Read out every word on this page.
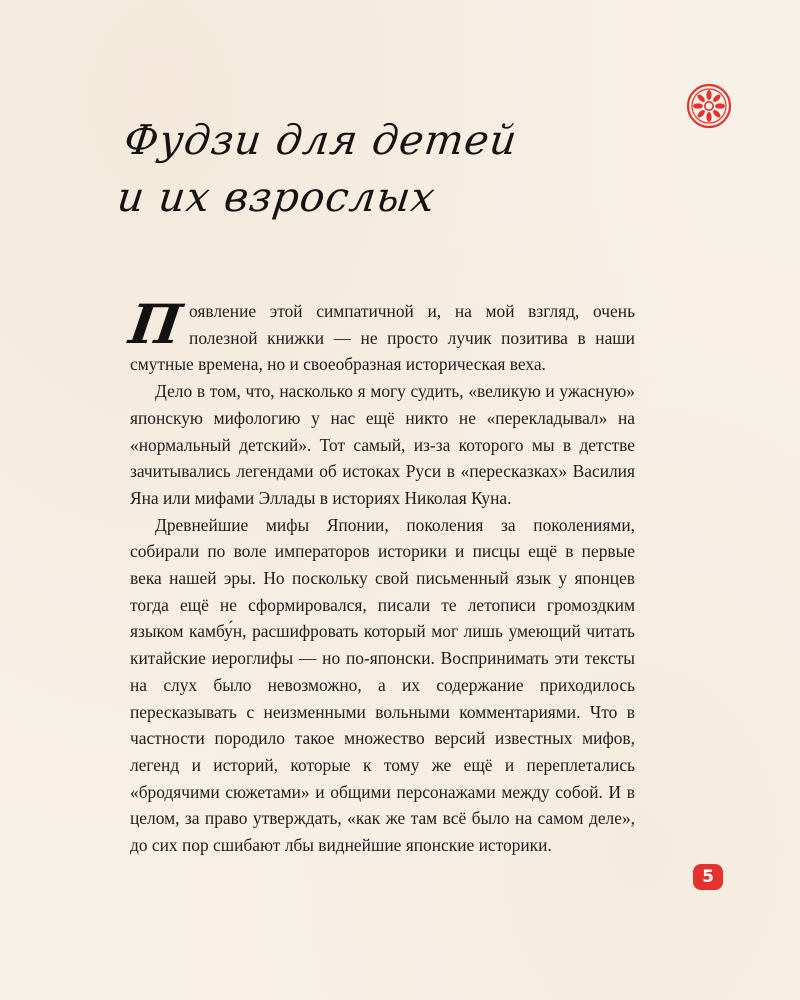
Фудзи для детей
и их взрослых

Появление этой симпатичной и, на мой взгляд, очень полезной книжки — не просто лучик позитива в наши смутные времена, но и своеобразная историческая веха.

Дело в том, что, насколько я могу судить, «великую и ужасную» японскую мифологию у нас ещё никто не «перекладывал» на «нормальный детский». Тот самый, из-за которого мы в детстве зачитывались легендами об истоках Руси в «пересказках» Василия Яна или мифами Эллады в историях Николая Куна.

Древнейшие мифы Японии, поколения за поколениями, собирали по воле императоров историки и писцы ещё в первые века нашей эры. Но поскольку свой письменный язык у японцев тогда ещё не сформировался, писали те летописи громоздким языком камбу́н, расшифровать который мог лишь умеющий читать китайские иероглифы — но по-японски. Воспринимать эти тексты на слух было невозможно, а их содержание приходилось пересказывать с неизменными вольными комментариями. Что в частности породило такое множество версий известных мифов, легенд и историй, которые к тому же ещё и переплетались «бродячими сюжетами» и общими персонажами между собой. И в целом, за право утверждать, «как же там всё было на самом деле», до сих пор сшибают лбы виднейшие японские историки.

5
